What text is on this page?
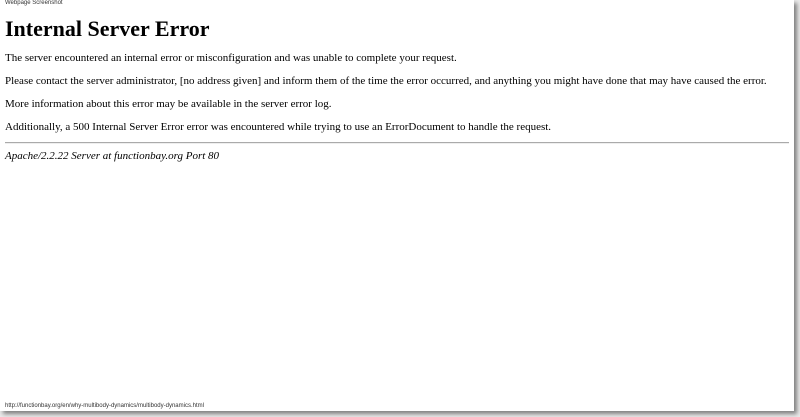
Webpage Screenshot
Internal Server Error

The server encountered an internal error or misconfiguration and was unable to complete your request.

Please contact the server administrator, [no address given] and inform them of the time the error occurred, and anything you might have done that may have caused the error.

More information about this error may be available in the server error log.

Additionally, a 500 Internal Server Error error was encountered while trying to use an ErrorDocument to handle the request.

Apache/2.2.22 Server at functionbay.org Port 80
http://functionbay.org/en/why-multibody-dynamics/multibody-dynamics.html
